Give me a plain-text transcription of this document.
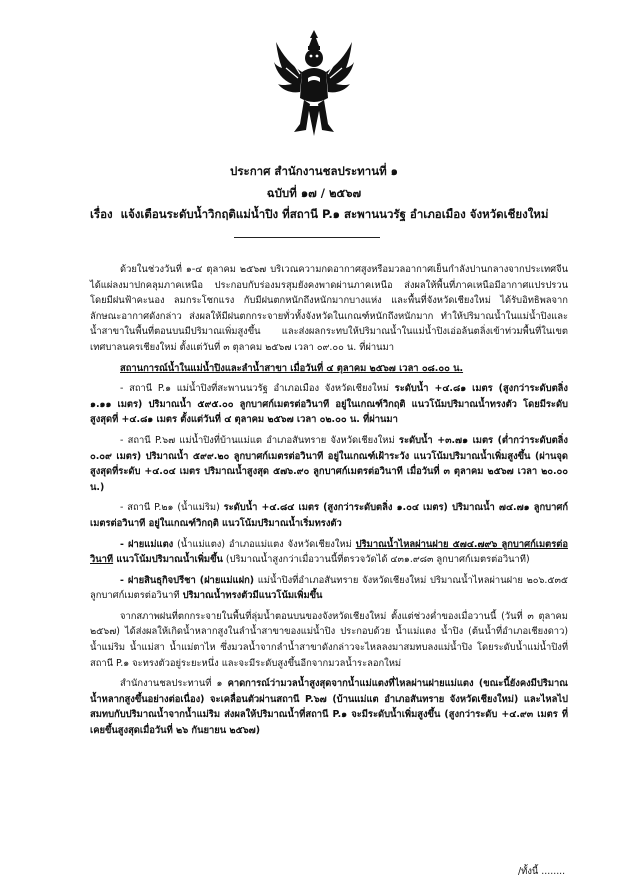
ประกาศ สำนักงานชลประทานที่ ๑
ฉบับที่ ๑๗ / ๒๕๖๗
เรื่อง แจ้งเตือนระดับน้ำวิกฤติแม่น้ำปิง ที่สถานี P.๑ สะพานนวรัฐ อำเภอเมือง จังหวัดเชียงใหม่

ด้วยในช่วงวันที่ ๑-๔ ตุลาคม ๒๕๖๗ บริเวณความกดอากาศสูงหรือมวลอากาศเย็นกำลังปานกลางจากประเทศจีนได้แผ่ลงมาปกคลุมภาคเหนือ ประกอบกับร่องมรสุมยังคงพาดผ่านภาคเหนือ ส่งผลให้พื้นที่ภาคเหนือมีอากาศแปรปรวน โดยมีฝนฟ้าคะนอง ลมกระโชกแรง กับมีฝนตกหนักถึงหนักมากบางแห่ง และพื้นที่จังหวัดเชียงใหม่ ได้รับอิทธิพลจากลักษณะอากาศดังกล่าว ส่งผลให้มีฝนตกกระจายทั่วทั้งจังหวัดในเกณฑ์หนักถึงหนักมาก ทำให้ปริมาณน้ำในแม่น้ำปิงและน้ำสาขาในพื้นที่ตอนบนมีปริมาณเพิ่มสูงขึ้น และส่งผลกระทบให้ปริมาณน้ำในแม่น้ำปิงเอ่อล้นตลิ่งเข้าท่วมพื้นที่ในเขตเทศบาลนครเชียงใหม่ ตั้งแต่วันที่ ๓ ตุลาคม ๒๕๖๗ เวลา ๐๙.๐๐ น. ที่ผ่านมา

สถานการณ์น้ำในแม่น้ำปิงและลำน้ำสาขา เมื่อวันที่ ๔ ตุลาคม ๒๕๖๗ เวลา ๐๘.๐๐ น.

- สถานี P.๑ แม่น้ำปิงที่สะพานนวรัฐ อำเภอเมือง จังหวัดเชียงใหม่ ระดับน้ำ +๔.๘๑ เมตร (สูงกว่าระดับตลิ่ง ๑.๑๑ เมตร) ปริมาณน้ำ ๕๙๕.๐๐ ลูกบาศก์เมตรต่อวินาที อยู่ในเกณฑ์วิกฤติ แนวโน้มปริมาณน้ำทรงตัว โดยมีระดับสูงสุดที่ +๔.๘๑ เมตร ตั้งแต่วันที่ ๔ ตุลาคม ๒๕๖๗ เวลา ๐๒.๐๐ น. ที่ผ่านมา

- สถานี P.๖๗ แม่น้ำปิงที่บ้านแม่แต อำเภอสันทราย จังหวัดเชียงใหม่ ระดับน้ำ +๓.๗๑ เมตร (ต่ำกว่าระดับตลิ่ง ๐.๐๙ เมตร) ปริมาณน้ำ ๕๙๙.๒๐ ลูกบาศก์เมตรต่อวินาที อยู่ในเกณฑ์เฝ้าระวัง แนวโน้มปริมาณน้ำเพิ่มสูงขึ้น (ผ่านจุดสูงสุดที่ระดับ +๔.๐๔ เมตร ปริมาณน้ำสูงสุด ๕๗๖.๙๐ ลูกบาศก์เมตรต่อวินาที เมื่อวันที่ ๓ ตุลาคม ๒๕๖๗ เวลา ๒๐.๐๐ น.)

- สถานี P.๒๑ (น้ำแม่ริม) ระดับน้ำ +๔.๘๔ เมตร (สูงกว่าระดับตลิ่ง ๑.๐๔ เมตร) ปริมาณน้ำ ๗๔.๗๑ ลูกบาศก์เมตรต่อวินาที อยู่ในเกณฑ์วิกฤติ แนวโน้มปริมาณน้ำเริ่มทรงตัว

- ฝายแม่แตง (น้ำแม่แตง) อำเภอแม่แตง จังหวัดเชียงใหม่ ปริมาณน้ำไหลผ่านฝาย ๕๗๔.๗๙๖ ลูกบาศก์เมตรต่อวินาที แนวโน้มปริมาณน้ำเพิ่มขึ้น (ปริมาณน้ำสูงกว่าเมื่อวานนี้ที่ตรวจวัดได้ ๔๓๑.๙๘๓ ลูกบาศก์เมตรต่อวินาที)

- ฝายสินธุกิจปรีชา (ฝายแม่แฝก) แม่น้ำปิงที่อำเภอสันทราย จังหวัดเชียงใหม่ ปริมาณน้ำไหลผ่านฝาย ๒๐๖.๕๓๕ ลูกบาศก์เมตรต่อวินาที ปริมาณน้ำทรงตัวมีแนวโน้มเพิ่มขึ้น

จากสภาพฝนที่ตกกระจายในพื้นที่ลุ่มน้ำตอนบนของจังหวัดเชียงใหม่ ตั้งแต่ช่วงค่ำของเมื่อวานนี้ (วันที่ ๓ ตุลาคม ๒๕๖๗) ได้ส่งผลให้เกิดน้ำหลากสูงในลำน้ำสาขาของแม่น้ำปิง ประกอบด้วย น้ำแม่แตง น้ำปิง (ต้นน้ำที่อำเภอเชียงดาว) น้ำแม่ริม น้ำแม่สา น้ำแม่ตาไห ซึ่งมวลน้ำจากลำน้ำสาขาดังกล่าวจะไหลลงมาสมทบลงแม่น้ำปิง โดยระดับน้ำแม่น้ำปิงที่สถานี P.๑ จะทรงตัวอยู่ระยะหนึ่ง และจะมีระดับสูงขึ้นอีกจากมวลน้ำระลอกใหม่

สำนักงานชลประทานที่ ๑ คาดการณ์ว่ามวลน้ำสูงสุดจากน้ำแม่แตงที่ไหลผ่านฝายแม่แตง (ขณะนี้ยังคงมีปริมาณน้ำหลากสูงขึ้นอย่างต่อเนื่อง) จะเคลื่อนตัวผ่านสถานี P.๖๗ (บ้านแม่แต อำเภอสันทราย จังหวัดเชียงใหม่) และไหลไปสมทบกับปริมาณน้ำจากน้ำแม่ริม ส่งผลให้ปริมาณน้ำที่สถานี P.๑ จะมีระดับน้ำเพิ่มสูงขึ้น (สูงกว่าระดับ +๔.๙๓ เมตร ที่เคยขึ้นสูงสุดเมื่อวันที่ ๒๖ กันยายน ๒๕๖๗)

/ทั้งนี้ ........
